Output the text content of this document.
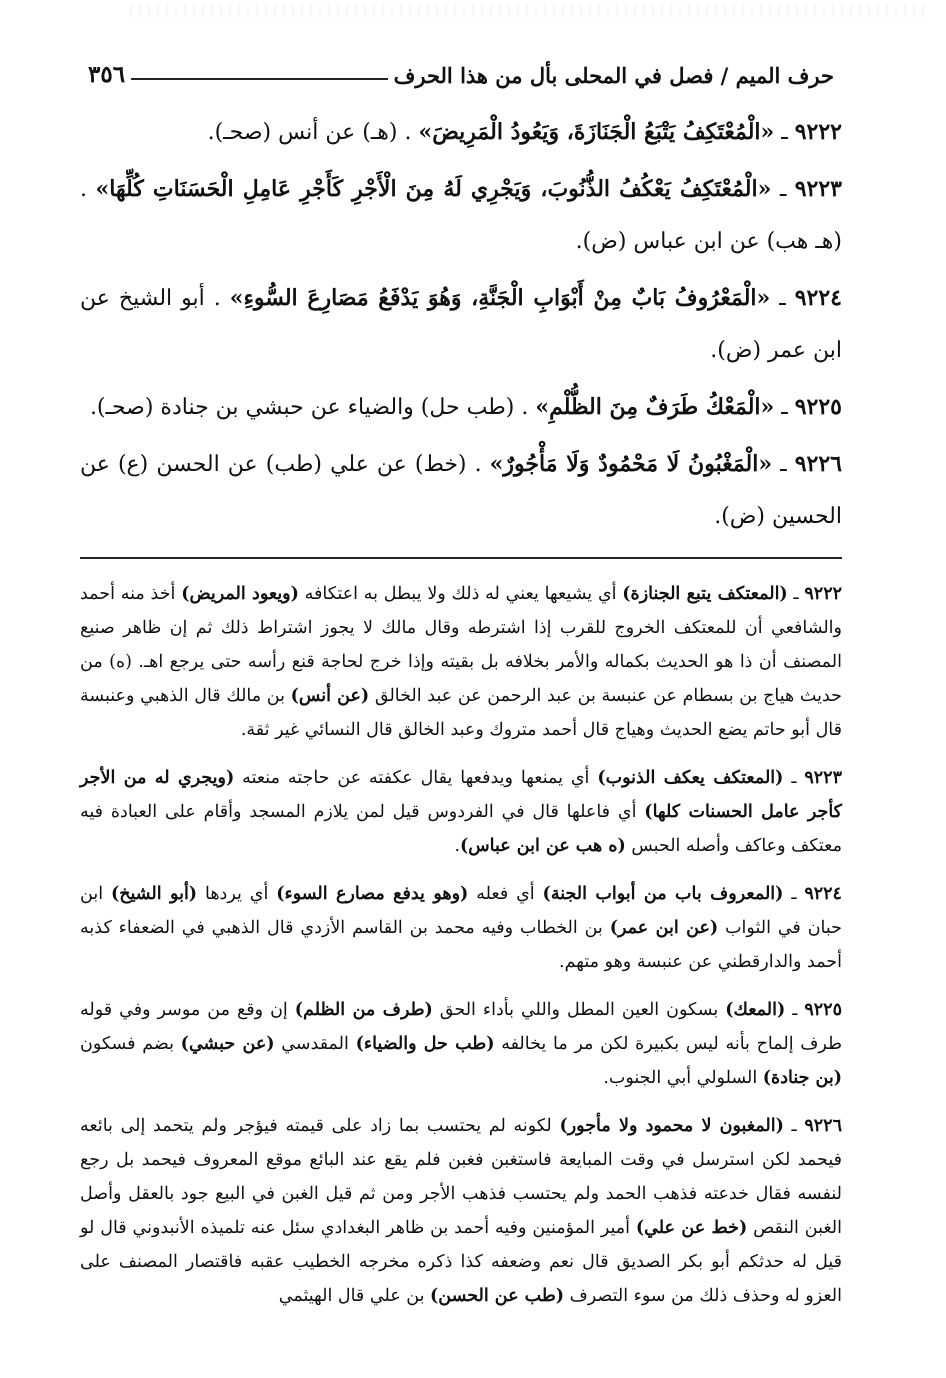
حرف الميم / فصل في المحلى بأل من هذا الحرف
٣٥٦

٩٢٢٢ ـ «الْمُعْتَكِفُ يَتْبَعُ الْجَنَازَةَ، وَيَعُودُ الْمَرِيضَ» . (هـ) عن أنس (صحـ).

٩٢٢٣ ـ «الْمُعْتَكِفُ يَعْكُفُ الذُّنُوبَ، وَيَجْرِي لَهُ مِنَ الْأَجْرِ كَأَجْرِ عَامِلِ الْحَسَنَاتِ كُلِّهَا» . (هـ هب) عن ابن عباس (ض).

٩٢٢٤ ـ «الْمَعْرُوفُ بَابٌ مِنْ أَبْوَابِ الْجَنَّةِ، وَهُوَ يَدْفَعُ مَصَارِعَ السُّوءِ» . أبو الشيخ عن ابن عمر (ض).

٩٢٢٥ ـ «الْمَعْكُ طَرَفٌ مِنَ الظُّلْمِ» . (طب حل) والضياء عن حبشي بن جنادة (صحـ).

٩٢٢٦ ـ «الْمَغْبُونُ لَا مَحْمُودٌ وَلَا مَأْجُورٌ» . (خط) عن علي (طب) عن الحسن (ع) عن الحسين (ض).

٩٢٢٢ ـ (المعتكف يتبع الجنازة) أي يشيعها يعني له ذلك ولا يبطل به اعتكافه (ويعود المريض) أخذ منه أحمد والشافعي أن للمعتكف الخروج للقرب إذا اشترطه وقال مالك لا يجوز اشتراط ذلك ثم إن ظاهر صنيع المصنف أن ذا هو الحديث بكماله والأمر بخلافه بل بقيته وإذا خرج لحاجة قنع رأسه حتى يرجع اهـ. (ه) من حديث هياج بن بسطام عن عنبسة بن عبد الرحمن عن عبد الخالق (عن أنس) بن مالك قال الذهبي وعنبسة قال أبو حاتم يضع الحديث وهياج قال أحمد متروك وعبد الخالق قال النسائي غير ثقة.

٩٢٢٣ ـ (المعتكف يعكف الذنوب) أي يمنعها ويدفعها يقال عكفته عن حاجته منعته (ويجري له من الأجر كأجر عامل الحسنات كلها) أي فاعلها قال في الفردوس قيل لمن يلازم المسجد وأقام على العبادة فيه معتكف وعاكف وأصله الحبس (ه هب عن ابن عباس).

٩٢٢٤ ـ (المعروف باب من أبواب الجنة) أي فعله (وهو يدفع مصارع السوء) أي يردها (أبو الشيخ) ابن حبان في الثواب (عن ابن عمر) بن الخطاب وفيه محمد بن القاسم الأزدي قال الذهبي في الضعفاء كذبه أحمد والدارقطني عن عنبسة وهو متهم.

٩٢٢٥ ـ (المعك) بسكون العين المطل واللي بأداء الحق (طرف من الظلم) إن وقع من موسر وفي قوله طرف إلماح بأنه ليس بكبيرة لكن مر ما يخالفه (طب حل والضياء) المقدسي (عن حبشي) بضم فسكون (بن جنادة) السلولي أبي الجنوب.

٩٢٢٦ ـ (المغبون لا محمود ولا مأجور) لكونه لم يحتسب بما زاد على قيمته فيؤجر ولم يتحمد إلى بائعه فيحمد لكن استرسل في وقت المبايعة فاستغبن فغبن فلم يقع عند البائع موقع المعروف فيحمد بل رجع لنفسه فقال خدعته فذهب الحمد ولم يحتسب فذهب الأجر ومن ثم قيل الغبن في البيع جود بالعقل وأصل الغبن النقص (خط عن علي) أمير المؤمنين وفيه أحمد بن ظاهر البغدادي سئل عنه تلميذه الأنبدوني قال لو قيل له حدثكم أبو بكر الصديق قال نعم وضعفه كذا ذكره مخرجه الخطيب عقبه فاقتصار المصنف على العزو له وحذف ذلك من سوء التصرف (طب عن الحسن) بن علي قال الهيثمي
